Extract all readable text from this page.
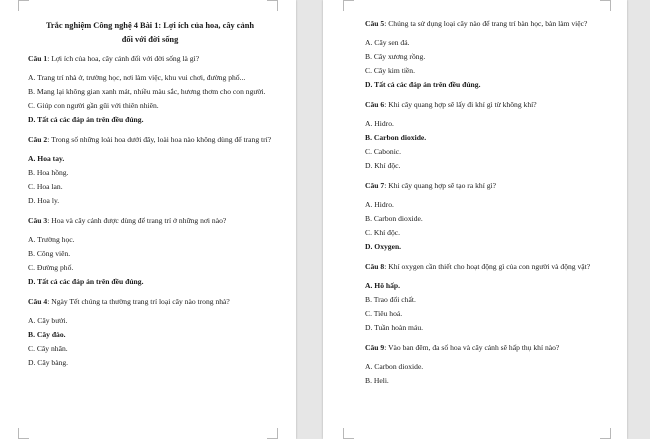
Trắc nghiệm Công nghệ 4 Bài 1: Lợi ích của hoa, cây cảnh
đối với đời sống
Câu 1: Lợi ích của hoa, cây cảnh đối với đời sống là gì?
A. Trang trí nhà ở, trường học, nơi làm việc, khu vui chơi, đường phố...
B. Mang lại không gian xanh mát, nhiều màu sắc, hương thơm cho con người.
C. Giúp con người gần gũi với thiên nhiên.
D. Tất cả các đáp án trên đều đúng.
Câu 2: Trong số những loài hoa dưới đây, loài hoa nào không dùng để trang trí?
A. Hoa tay.
B. Hoa hồng.
C. Hoa lan.
D. Hoa ly.
Câu 3: Hoa và cây cảnh được dùng để trang trí ở những nơi nào?
A. Trường học.
B. Công viên.
C. Đường phố.
D. Tất cả các đáp án trên đều đúng.
Câu 4: Ngày Tết chúng ta thường trang trí loại cây nào trong nhà?
A. Cây bưởi.
B. Cây đào.
C. Cây nhãn.
D. Cây bàng.
Câu 5: Chúng ta sử dụng loại cây nào để trang trí bàn học, bàn làm việc?
A. Cây sen đá.
B. Cây xương rồng.
C. Cây kim tiền.
D. Tất cả các đáp án trên đều đúng.
Câu 6: Khi cây quang hợp sẽ lấy đi khí gì từ không khí?
A. Hidro.
B. Carbon dioxide.
C. Cabonic.
D. Khí độc.
Câu 7: Khi cây quang hợp sẽ tạo ra khí gì?
A. Hidro.
B. Carbon dioxide.
C. Khí độc.
D. Oxygen.
Câu 8: Khí oxygen cần thiết cho hoạt động gì của con người và động vật?
A. Hô hấp.
B. Trao đổi chất.
C. Tiêu hoá.
D. Tuần hoàn máu.
Câu 9: Vào ban đêm, đa số hoa và cây cảnh sẽ hấp thụ khí nào?
A. Carbon dioxide.
B. Heli.
